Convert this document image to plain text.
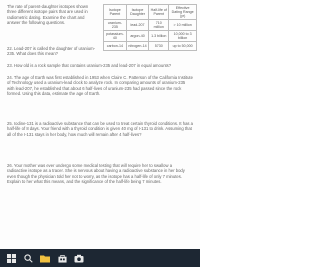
The rate of parent-daughter isotopes shown three different isotope pairs that are used in radiometric dating. Examine the chart and answer the following questions.

22. Lead-207 is called the daughter of uranium-235. What does this mean?

Isotope Parent	Isotope Daughter	Half-life of Parent	Effective Dating Range (yr)
uranium-235	lead-207	710 million	> 10 million
potassium-40	argon-40	1.3 billion	10,000 to 3 billion
carbon-14	nitrogen-14	5730	up to 50,000

23. How old is a rock sample that contains uranium-235 and lead-207 in equal amounts?

24. The age of Earth was first established in 1953 when Claire C. Patterson of the California Institute of Technology used a uranium-lead clock to analyze rock. In comparing amounts of uranium-235 with lead-207, he established that about 6 half-lives of uranium-235 had passed since the rock formed. Using this data, estimate the age of Earth.

25. Iodine-131 is a radioactive substance that can be used to treat certain thyroid conditions. It has a half-life of 8 days. Your friend with a thyroid condition is given 40 mg of I-131 to drink. Assuming that all of the I-131 stays in her body, how much will remain after 4 half-lives?

26. Your mother was ever undergo some medical testing that will require her to swallow a radioactive isotope as a tracer. She is nervous about having a radioactive substance in her body even though the physician told her not to worry, as the isotope has a half-life of only 7 minutes. Explain to her what this means, and the significance of the half-life being 7 minutes.
